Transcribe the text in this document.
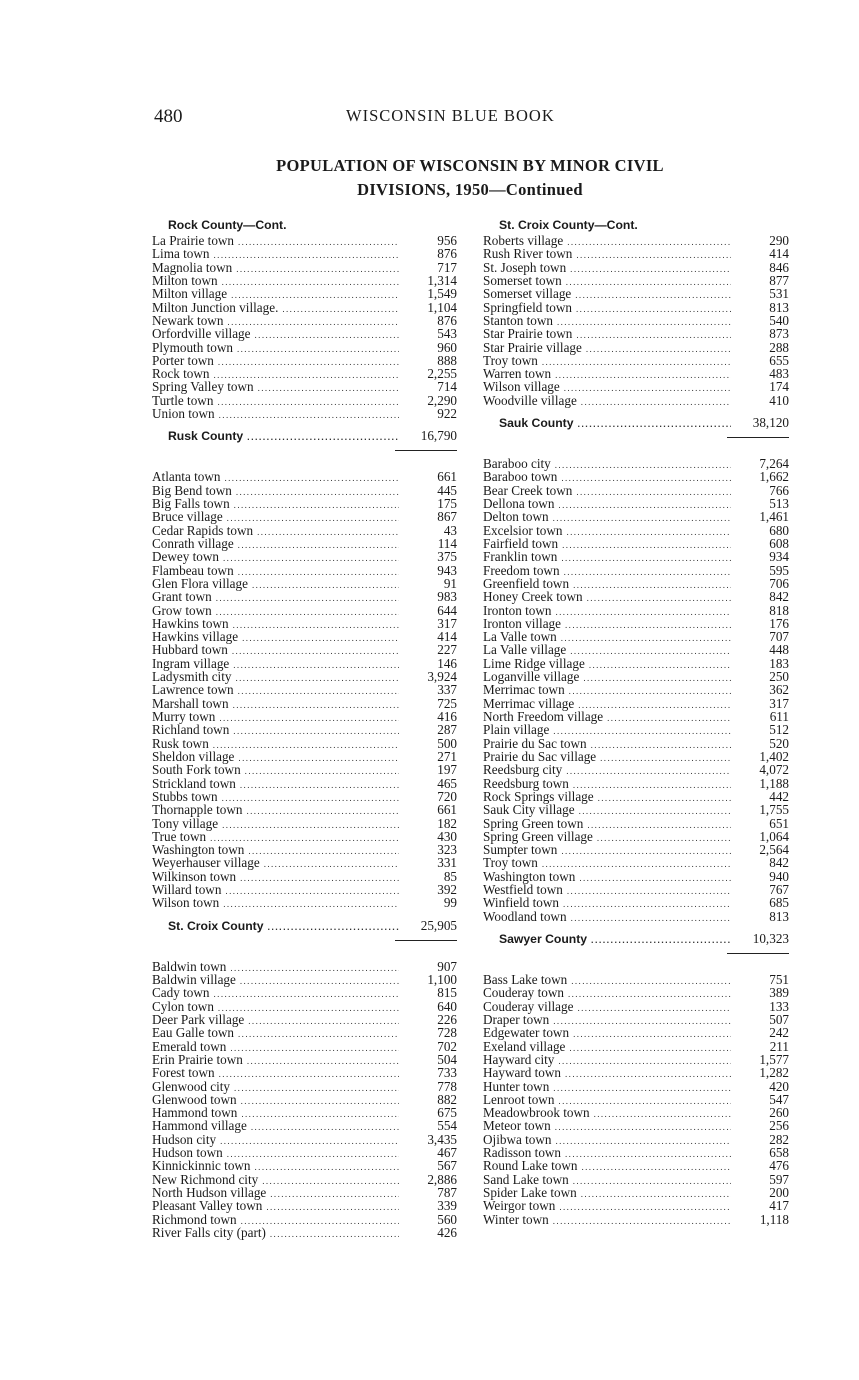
480	WISCONSIN BLUE BOOK
POPULATION OF WISCONSIN BY MINOR CIVIL
DIVISIONS, 1950—Continued
Rock County—Cont.
La Prairie town .....	956
Lima town .....	876
Magnolia town .....	717
Milton town .....	1,314
Milton village .....	1,549
Milton Junction village. .....	1,104
Newark town .....	876
Orfordville village .....	543
Plymouth town .....	960
Porter town .....	888
Rock town .....	2,255
Spring Valley town .....	714
Turtle town .....	2,290
Union town .....	922
Rusk County .....	16,790
Atlanta town .....	661
Big Bend town .....	445
Big Falls town .....	175
Bruce village .....	867
Cedar Rapids town .....	43
Conrath village .....	114
Dewey town .....	375
Flambeau town .....	943
Glen Flora village .....	91
Grant town .....	983
Grow town .....	644
Hawkins town .....	317
Hawkins village .....	414
Hubbard town .....	227
Ingram village .....	146
Ladysmith city .....	3,924
Lawrence town .....	337
Marshall town .....	725
Murry town .....	416
Richland town .....	287
Rusk town .....	500
Sheldon village .....	271
South Fork town .....	197
Strickland town .....	465
Stubbs town .....	720
Thornapple town .....	661
Tony village .....	182
True town .....	430
Washington town .....	323
Weyerhauser village .....	331
Wilkinson town .....	85
Willard town .....	392
Wilson town .....	99
St. Croix County .....	25,905
Baldwin town .....	907
Baldwin village .....	1,100
Cady town .....	815
Cylon town .....	640
Deer Park village .....	226
Eau Galle town .....	728
Emerald town .....	702
Erin Prairie town .....	504
Forest town .....	733
Glenwood city .....	778
Glenwood town .....	882
Hammond town .....	675
Hammond village .....	554
Hudson city .....	3,435
Hudson town .....	467
Kinnickinnic town .....	567
New Richmond city .....	2,886
North Hudson village .....	787
Pleasant Valley town .....	339
Richmond town .....	560
River Falls city (part) .....	426
St. Croix County—Cont.
Roberts village .....	290
Rush River town .....	414
St. Joseph town .....	846
Somerset town .....	877
Somerset village .....	531
Springfield town .....	813
Stanton town .....	540
Star Prairie town .....	873
Star Prairie village .....	288
Troy town .....	655
Warren town .....	483
Wilson village .....	174
Woodville village .....	410
Sauk County .....	38,120
Baraboo city .....	7,264
Baraboo town .....	1,662
Bear Creek town .....	766
Dellona town .....	513
Delton town .....	1,461
Excelsior town .....	680
Fairfield town .....	608
Franklin town .....	934
Freedom town .....	595
Greenfield town .....	706
Honey Creek town .....	842
Ironton town .....	818
Ironton village .....	176
La Valle town .....	707
La Valle village .....	448
Lime Ridge village .....	183
Loganville village .....	250
Merrimac town .....	362
Merrimac village .....	317
North Freedom village .....	611
Plain village .....	512
Prairie du Sac town .....	520
Prairie du Sac village .....	1,402
Reedsburg city .....	4,072
Reedsburg town .....	1,188
Rock Springs village .....	442
Sauk City village .....	1,755
Spring Green town .....	651
Spring Green village .....	1,064
Sumpter town .....	2,564
Troy town .....	842
Washington town .....	940
Westfield town .....	767
Winfield town .....	685
Woodland town .....	813
Sawyer County .....	10,323
Bass Lake town .....	751
Couderay town .....	389
Couderay village .....	133
Draper town .....	507
Edgewater town .....	242
Exeland village .....	211
Hayward city .....	1,577
Hayward town .....	1,282
Hunter town .....	420
Lenroot town .....	547
Meadowbrook town .....	260
Meteor town .....	256
Ojibwa town .....	282
Radisson town .....	658
Round Lake town .....	476
Sand Lake town .....	597
Spider Lake town .....	200
Weirgor town .....	417
Winter town .....	1,118
